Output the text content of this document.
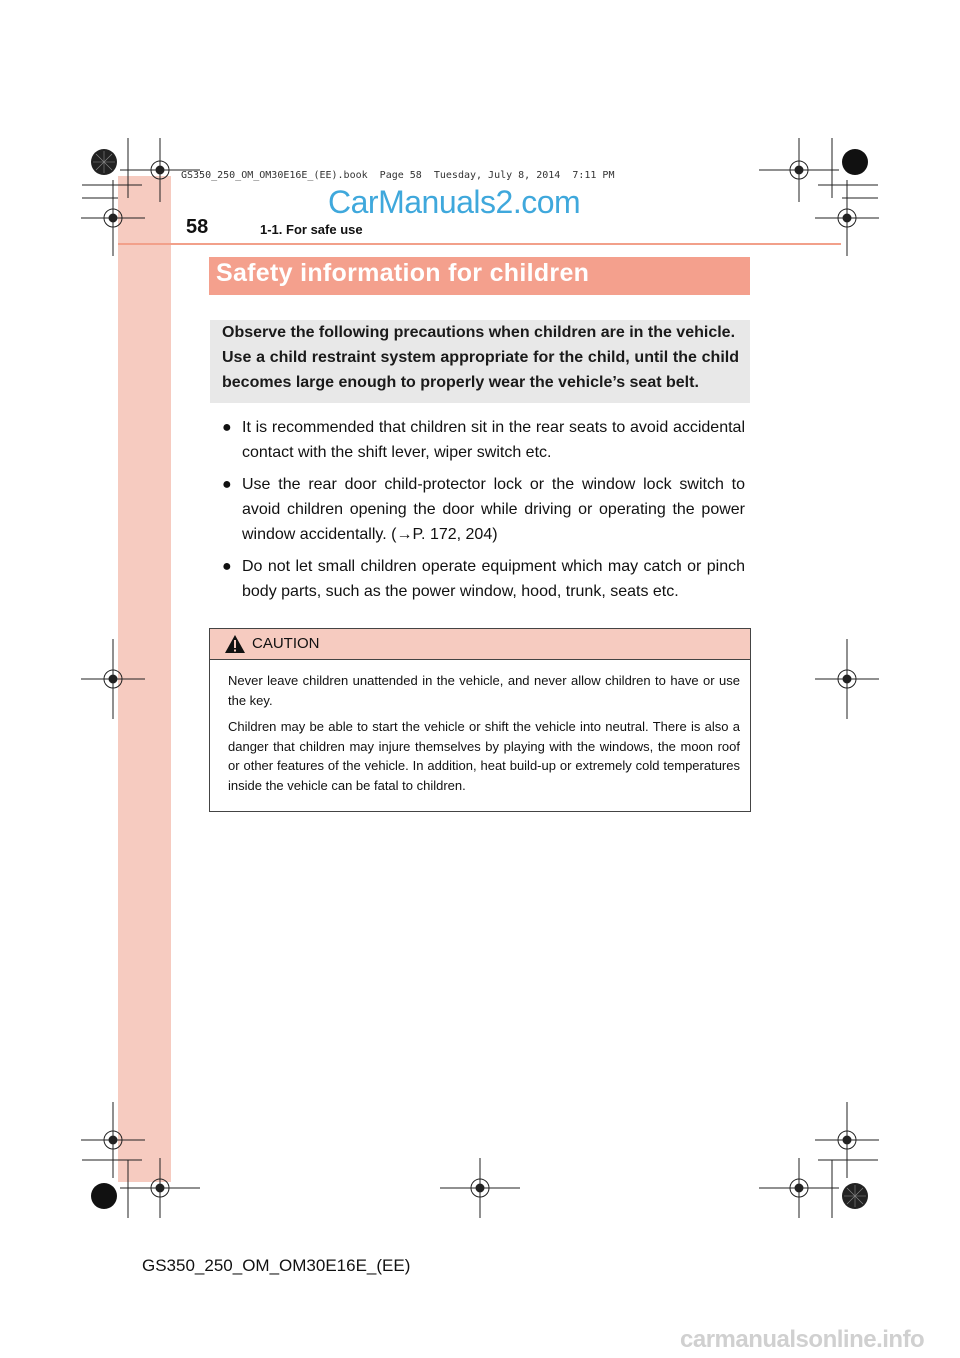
GS350_250_OM_OM30E16E_(EE).book  Page 58  Tuesday, July 8, 2014  7:11 PM
CarManuals2.com
58	1-1. For safe use
Safety information for children
Observe the following precautions when children are in the vehicle.
Use a child restraint system appropriate for the child, until the child
becomes large enough to properly wear the vehicle’s seat belt.
● It is recommended that children sit in the rear seats to avoid accidental contact with the shift lever, wiper switch etc.
● Use the rear door child-protector lock or the window lock switch to avoid children opening the door while driving or operating the power window accidentally. (→P. 172, 204)
● Do not let small children operate equipment which may catch or pinch body parts, such as the power window, hood, trunk, seats etc.
CAUTION
Never leave children unattended in the vehicle, and never allow children to have or use the key.
Children may be able to start the vehicle or shift the vehicle into neutral. There is also a danger that children may injure themselves by playing with the windows, the moon roof or other features of the vehicle. In addition, heat build-up or extremely cold temperatures inside the vehicle can be fatal to children.
GS350_250_OM_OM30E16E_(EE)
carmanualsonline.info
